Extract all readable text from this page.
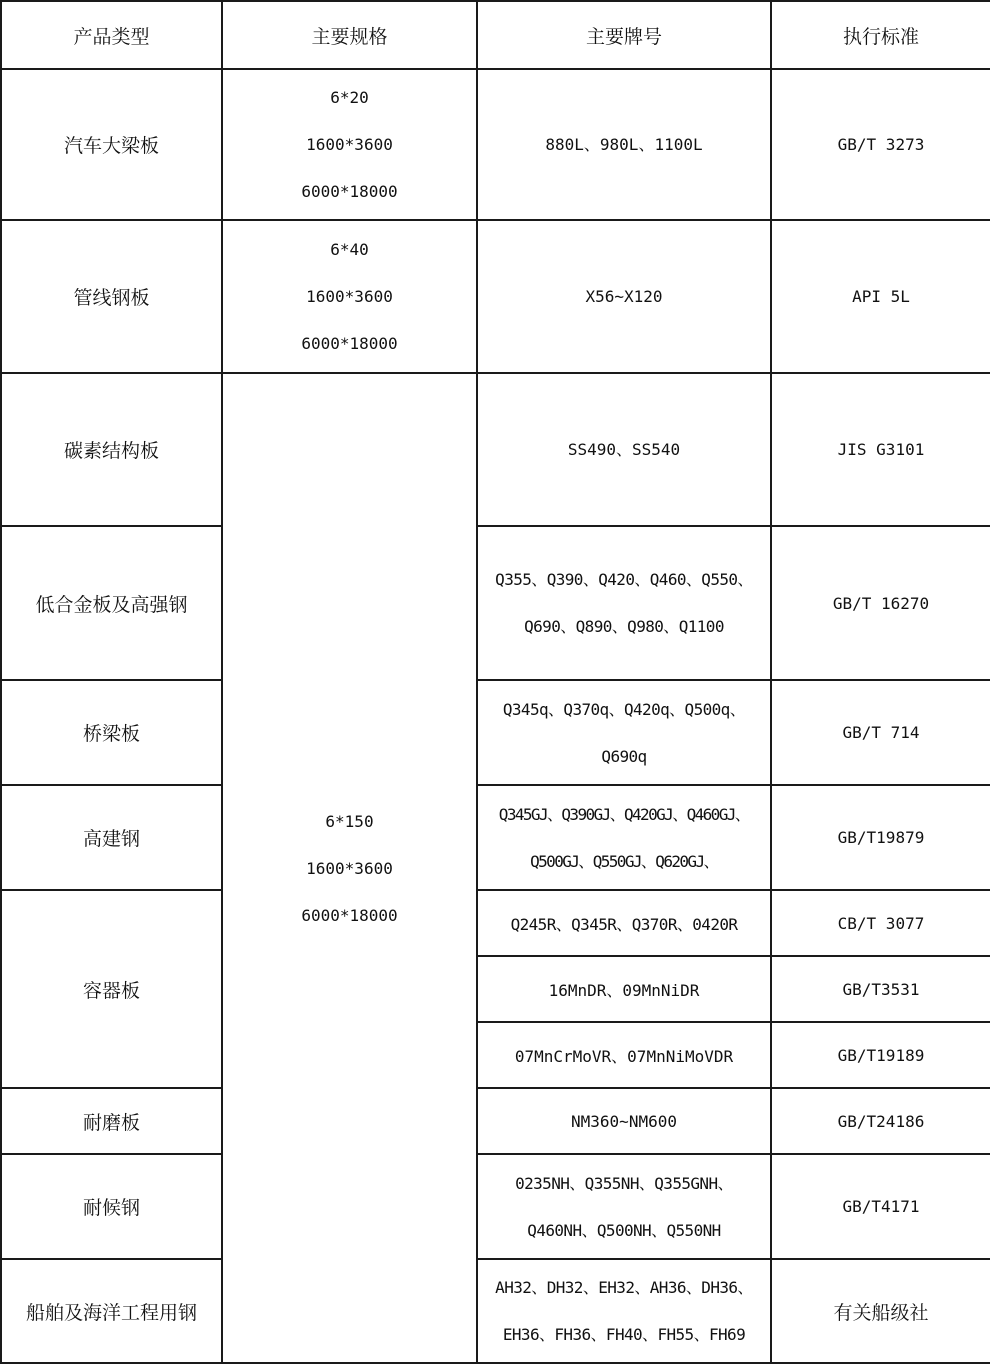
产品类型	主要规格	主要牌号	执行标准
汽车大梁板	6*20
1600*3600
6000*18000	880L、980L、1100L	GB/T 3273
管线钢板	6*40
1600*3600
6000*18000	X56~X120	API 5L
碳素结构板	6*150
1600*3600
6000*18000	SS490、SS540	JIS G3101
低合金板及高强钢		Q355、Q390、Q420、Q460、Q550、
Q690、Q890、Q980、Q1100	GB/T 16270
桥梁板		Q345q、Q370q、Q420q、Q500q、
Q690q	GB/T 714
高建钢		Q345GJ、Q390GJ、Q420GJ、Q460GJ、
Q500GJ、Q550GJ、Q620GJ、	GB/T19879
容器板		Q245R、Q345R、Q370R、0420R	CB/T 3077
		16MnDR、09MnNiDR	GB/T3531
		07MnCrMoVR、07MnNiMoVDR	GB/T19189
耐磨板		NM360~NM600	GB/T24186
耐候钢		0235NH、Q355NH、Q355GNH、
Q460NH、Q500NH、Q550NH	GB/T4171
船舶及海洋工程用钢		AH32、DH32、EH32、AH36、DH36、
EH36、FH36、FH40、FH55、FH69	有关船级社
